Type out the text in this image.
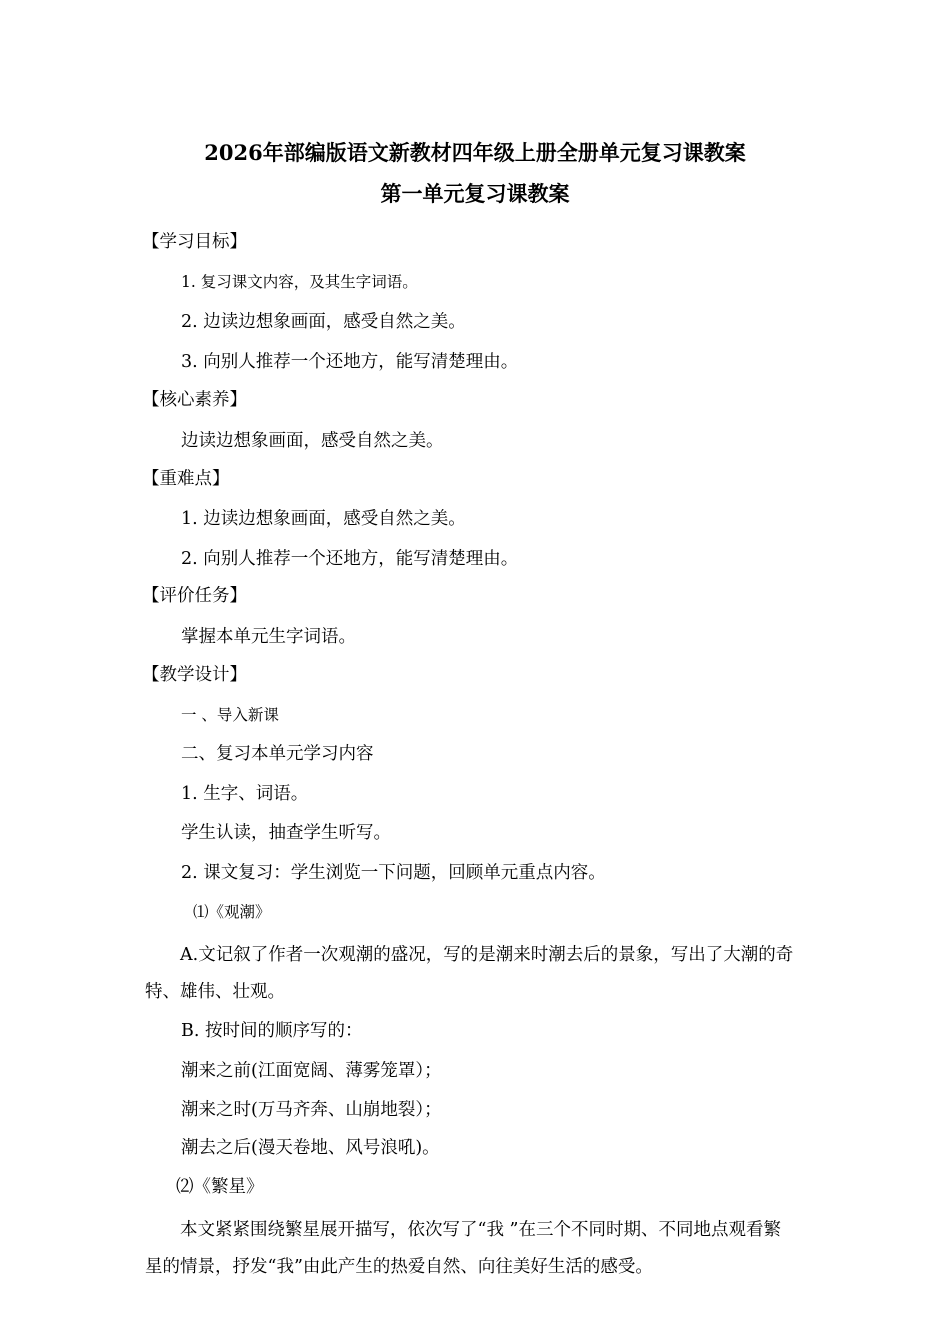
2026年部编版语文新教材四年级上册全册单元复习课教案
第一单元复习课教案
【学习目标】
1. 复习课文内容，及其生字词语。
2. 边读边想象画面，感受自然之美。
3. 向别人推荐一个还地方，能写清楚理由。
【核心素养】
边读边想象画面，感受自然之美。
【重难点】
1. 边读边想象画面，感受自然之美。
2. 向别人推荐一个还地方，能写清楚理由。
【评价任务】
掌握本单元生字词语。
【教学设计】
一 、导入新课
二、复习本单元学习内容
1. 生字、词语。
学生认读，抽查学生听写。
2. 课文复习：学生浏览一下问题，回顾单元重点内容。
⑴《观潮》
A.文记叙了作者一次观潮的盛况，写的是潮来时潮去后的景象，写出了大潮的奇特、雄伟、壮观。
B. 按时间的顺序写的：
潮来之前(江面宽阔、薄雾笼罩）；
潮来之时(万马齐奔、山崩地裂）；
潮去之后(漫天卷地、风号浪吼)。
⑵《繁星》
本文紧紧围绕繁星展开描写，依次写了“我 ”在三个不同时期、不同地点观看繁星的情景，抒发“我”由此产生的热爱自然、向往美好生活的感受。
